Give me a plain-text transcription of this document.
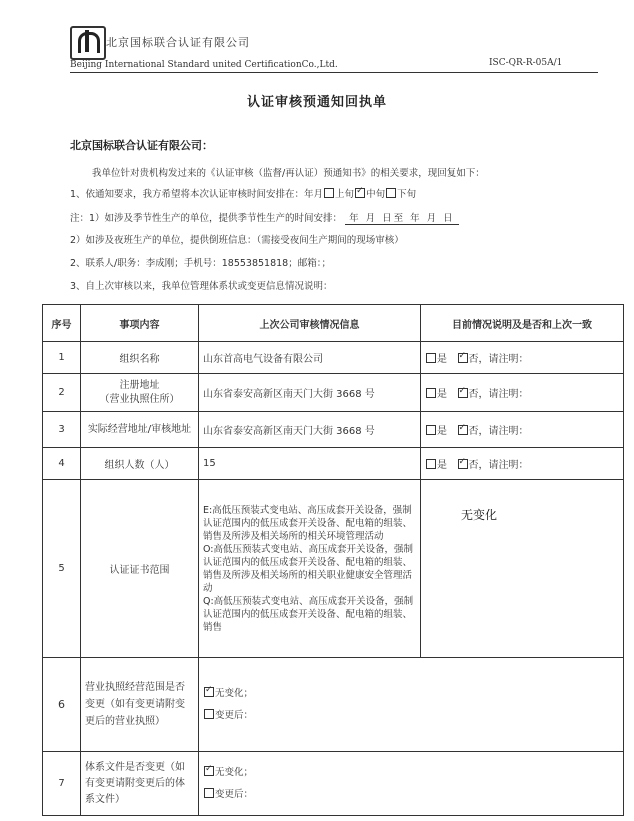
北京国标联合认证有限公司
Beijing International Standard united CertificationCo.,Ltd.	ISC-QR-R-05A/1
认证审核预通知回执单
北京国标联合认证有限公司：
我单位针对贵机构发过来的《认证审核（监督/再认证）预通知书》的相关要求，现回复如下：
1、依通知要求，我方希望将本次认证审核时间安排在：年月 上旬 ✓ 中旬 下旬
注：1）如涉及季节性生产的单位，提供季节性生产的时间安排： 年 月 日至 年 月 日
2）如涉及夜班生产的单位，提供倒班信息：（需接受夜间生产期间的现场审核）
2、联系人/职务：李成刚；手机号：18553851818；邮箱：；
3、自上次审核以来，我单位管理体系状或变更信息情况说明：
序号	事项内容	上次公司审核情况信息	目前情况说明及是否和上次一致
1	组织名称	山东首高电气设备有限公司	是 ✓ 否，请注明：
2	注册地址
（营业执照住所）	山东省泰安高新区南天门大街 3668 号	是 ✓ 否，请注明：
3	实际经营地址/审核地址	山东省泰安高新区南天门大街 3668 号	是 ✓ 否，请注明：
4	组织人数（人）	15	是 ✓ 否，请注明：
5	认证证书范围	E:高低压预装式变电站、高压成套开关设备，强制认证范围内的低压成套开关设备、配电箱的组装、销售及所涉及相关场所的相关环境管理活动
O:高低压预装式变电站、高压成套开关设备，强制认证范围内的低压成套开关设备、配电箱的组装、销售及所涉及相关场所的相关职业健康安全管理活动
Q:高低压预装式变电站、高压成套开关设备，强制认证范围内的低压成套开关设备、配电箱的组装、销售	无变化
6	营业执照经营范围是否变更（如有变更请附变更后的营业执照）	
✓无变化；
变更后：

7	体系文件是否变更（如有变更请附变更后的体系文件）	
✓无变化；
变更后：
